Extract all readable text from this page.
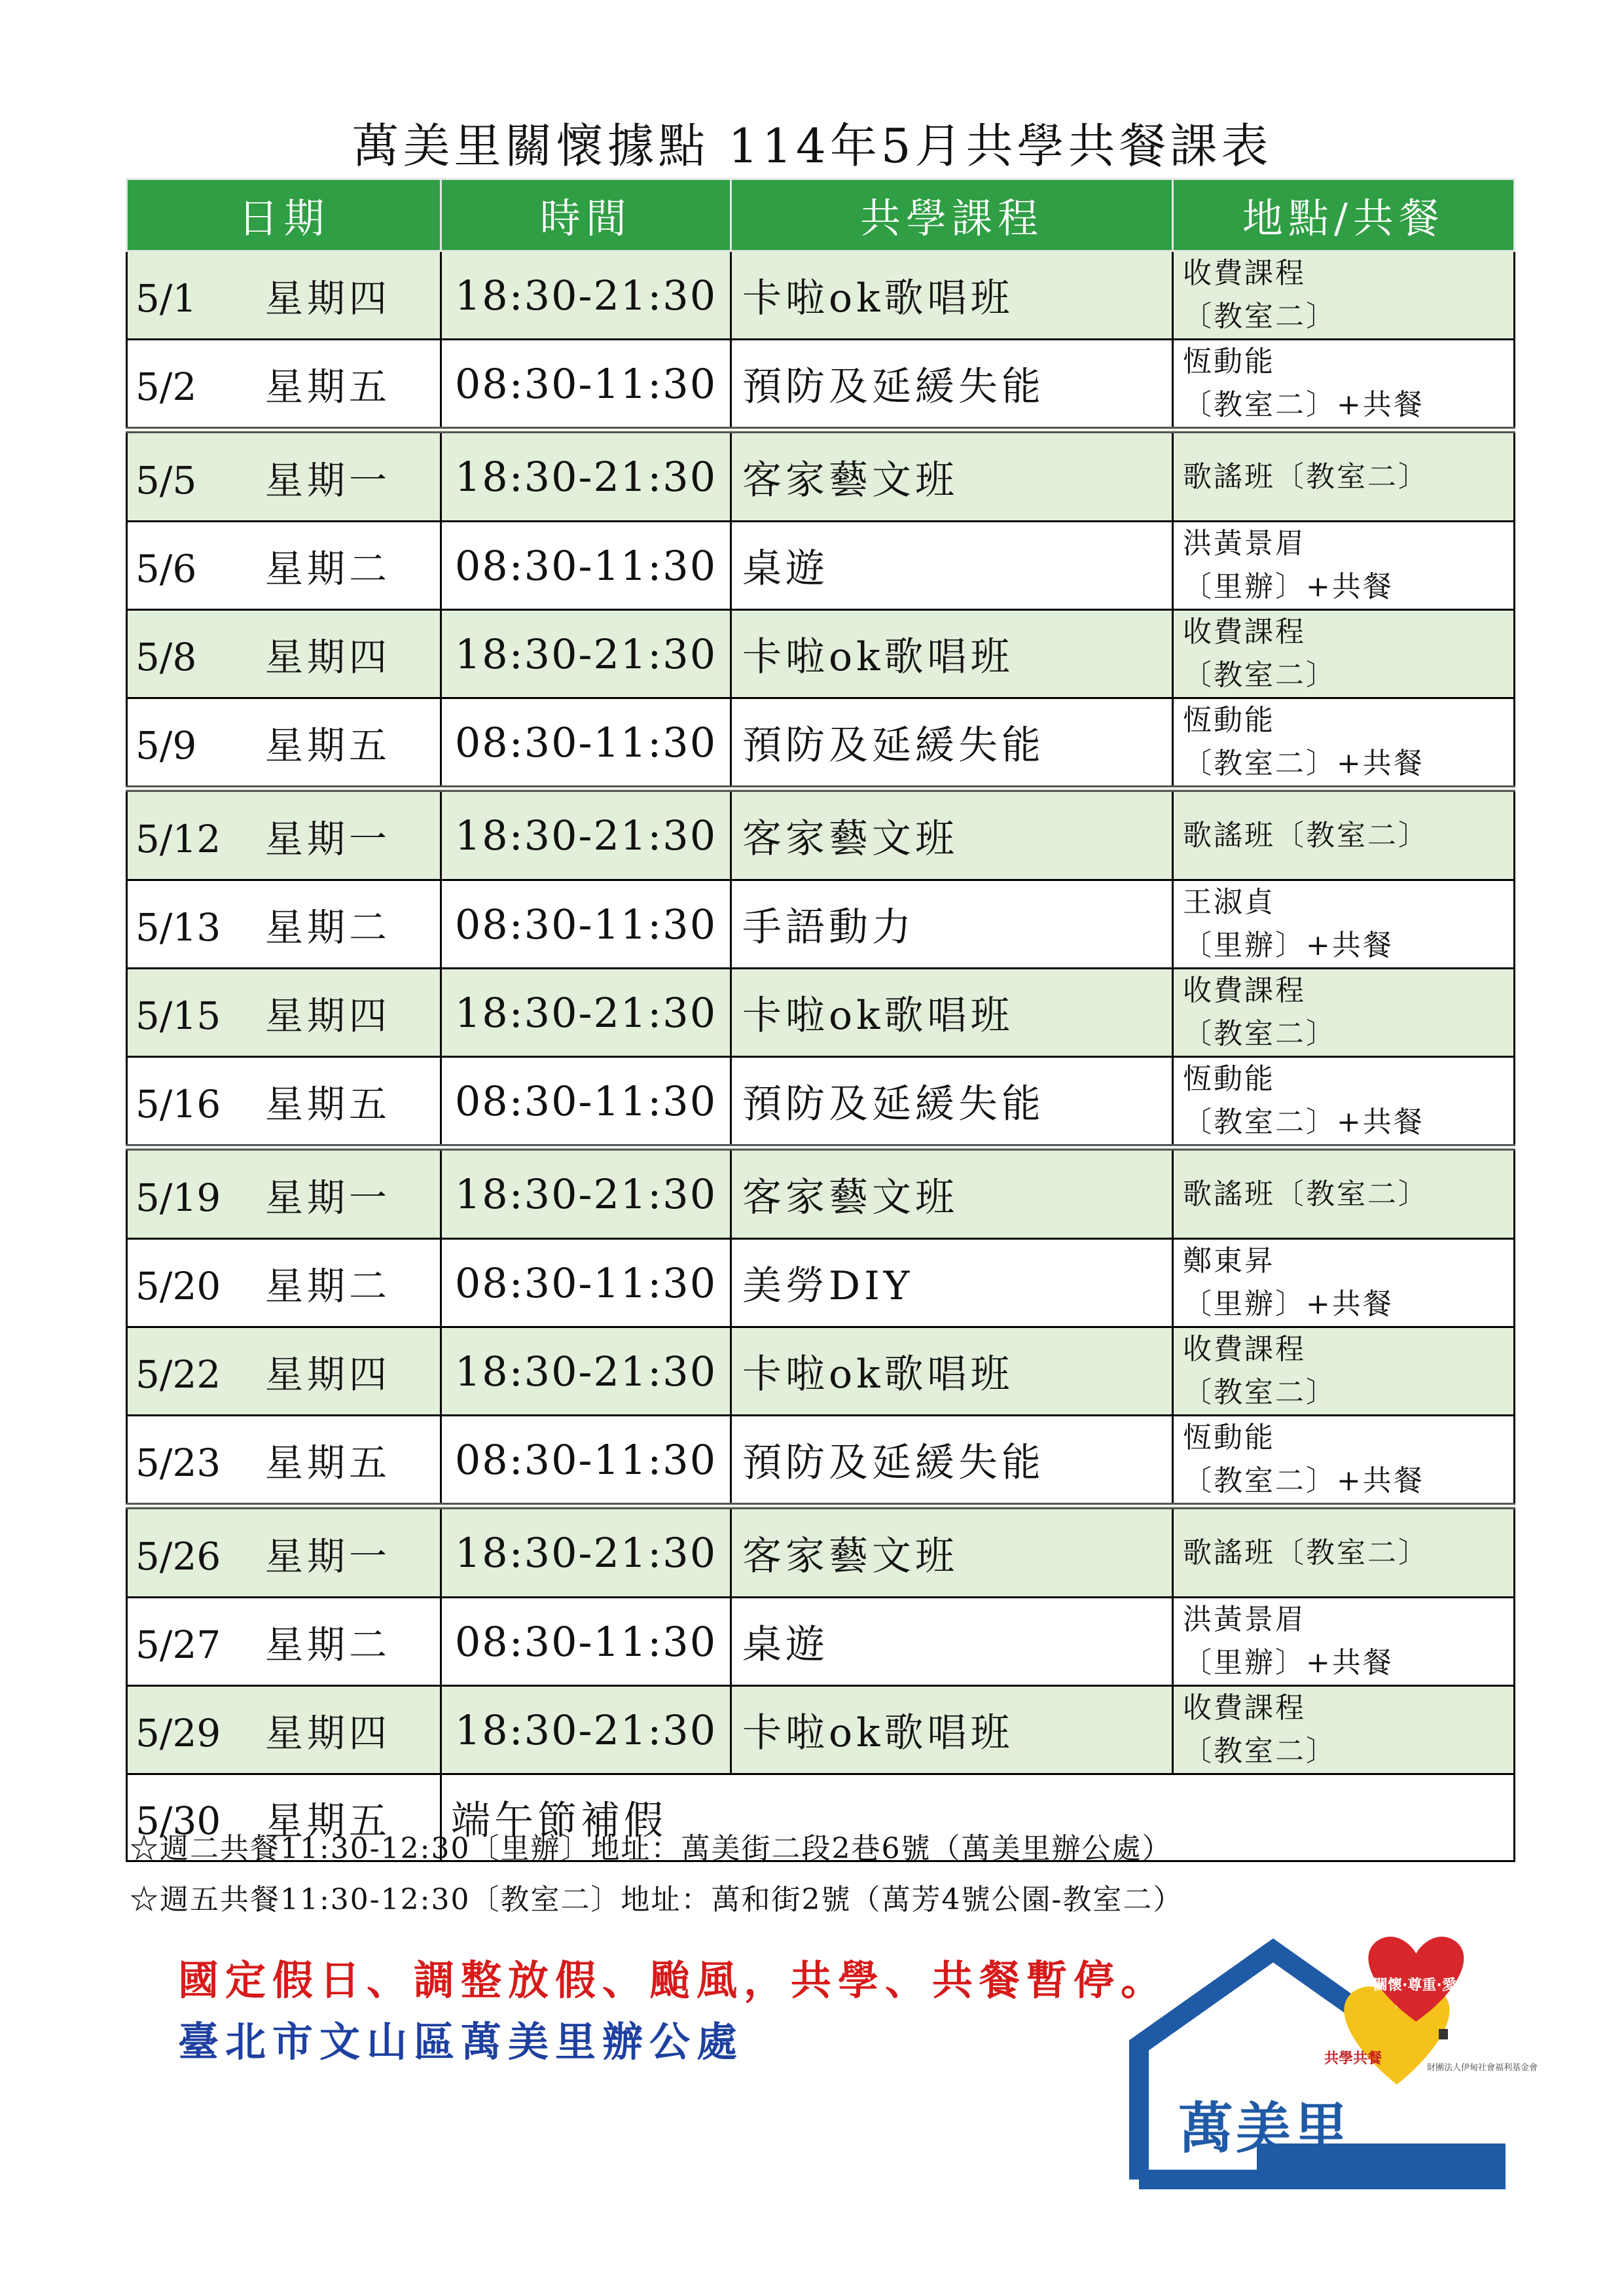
萬美里關懷據點 114年5月共學共餐課表
日期	時間	共學課程	地點/共餐
5/1 星期四	18:30-21:30	卡啦ok歌唱班	收費課程
〔教室二〕

5/2 星期五	08:30-11:30	預防及延緩失能	恆動能
〔教室二〕+共餐

5/5 星期一	18:30-21:30	客家藝文班	歌謠班〔教室二〕

5/6 星期二	08:30-11:30	桌遊	洪黃景眉
〔里辦〕+共餐

5/8 星期四	18:30-21:30	卡啦ok歌唱班	收費課程
〔教室二〕

5/9 星期五	08:30-11:30	預防及延緩失能	恆動能
〔教室二〕+共餐

5/12 星期一	18:30-21:30	客家藝文班	歌謠班〔教室二〕

5/13 星期二	08:30-11:30	手語動力	王淑貞
〔里辦〕+共餐

5/15 星期四	18:30-21:30	卡啦ok歌唱班	收費課程
〔教室二〕

5/16 星期五	08:30-11:30	預防及延緩失能	恆動能
〔教室二〕+共餐

5/19 星期一	18:30-21:30	客家藝文班	歌謠班〔教室二〕

5/20 星期二	08:30-11:30	美勞DIY	鄭東昇
〔里辦〕+共餐

5/22 星期四	18:30-21:30	卡啦ok歌唱班	收費課程
〔教室二〕

5/23 星期五	08:30-11:30	預防及延緩失能	恆動能
〔教室二〕+共餐

5/26 星期一	18:30-21:30	客家藝文班	歌謠班〔教室二〕

5/27 星期二	08:30-11:30	桌遊	洪黃景眉
〔里辦〕+共餐

5/29 星期四	18:30-21:30	卡啦ok歌唱班	收費課程
〔教室二〕

5/30 星期五	端午節補假		
☆週二共餐11:30-12:30〔里辦〕地址：萬美街二段2巷6號（萬美里辦公處）
☆週五共餐11:30-12:30〔教室二〕地址：萬和街2號（萬芳4號公園-教室二）
國定假日、調整放假、颱風，共學、共餐暫停。
臺北市文山區萬美里辦公處
萬美里
社區照顧關懷據點
關懷·尊重·愛
共學共餐
財團法人伊甸社會福利基金會
